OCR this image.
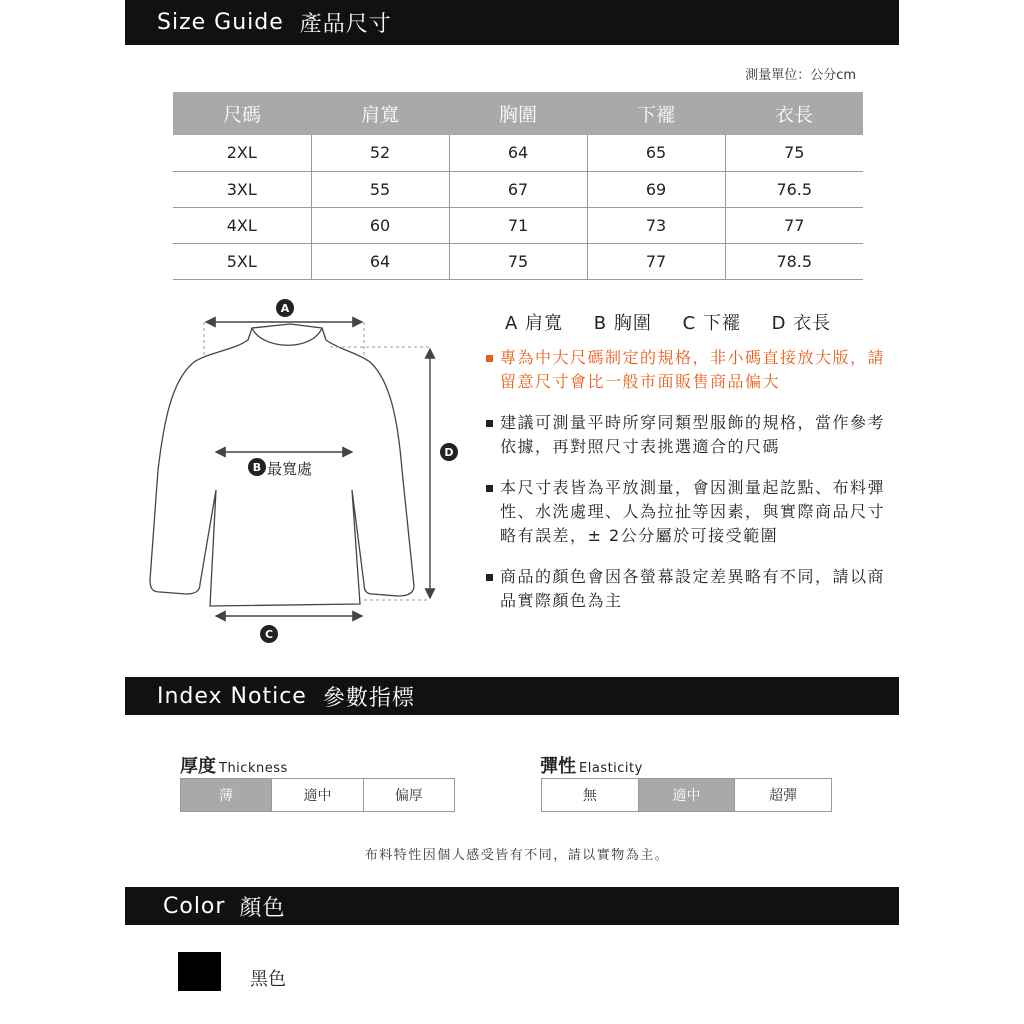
Size Guide 產品尺寸
測量單位：公分cm
尺碼	肩寬	胸圍	下襬	衣長
2XL	52	64	65	75
3XL	55	67	69	76.5
4XL	60	71	73	77
5XL	64	75	77	78.5
A
B 最寬處
C
D
A 肩寬 B 胸圍 C 下襬 D 衣長
專為中大尺碼制定的規格，非小碼直接放大版，請留意尺寸會比一般市面販售商品偏大
建議可測量平時所穿同類型服飾的規格，當作參考依據，再對照尺寸表挑選適合的尺碼
本尺寸表皆為平放測量，會因測量起訖點、布料彈性、水洗處理、人為拉扯等因素，與實際商品尺寸略有誤差，± 2公分屬於可接受範圍
商品的顏色會因各螢幕設定差異略有不同，請以商品實際顏色為主
Index Notice 參數指標
厚度 Thickness
薄	適中	偏厚
彈性 Elasticity
無	適中	超彈
布料特性因個人感受皆有不同，請以實物為主。
Color 顏色
黑色
